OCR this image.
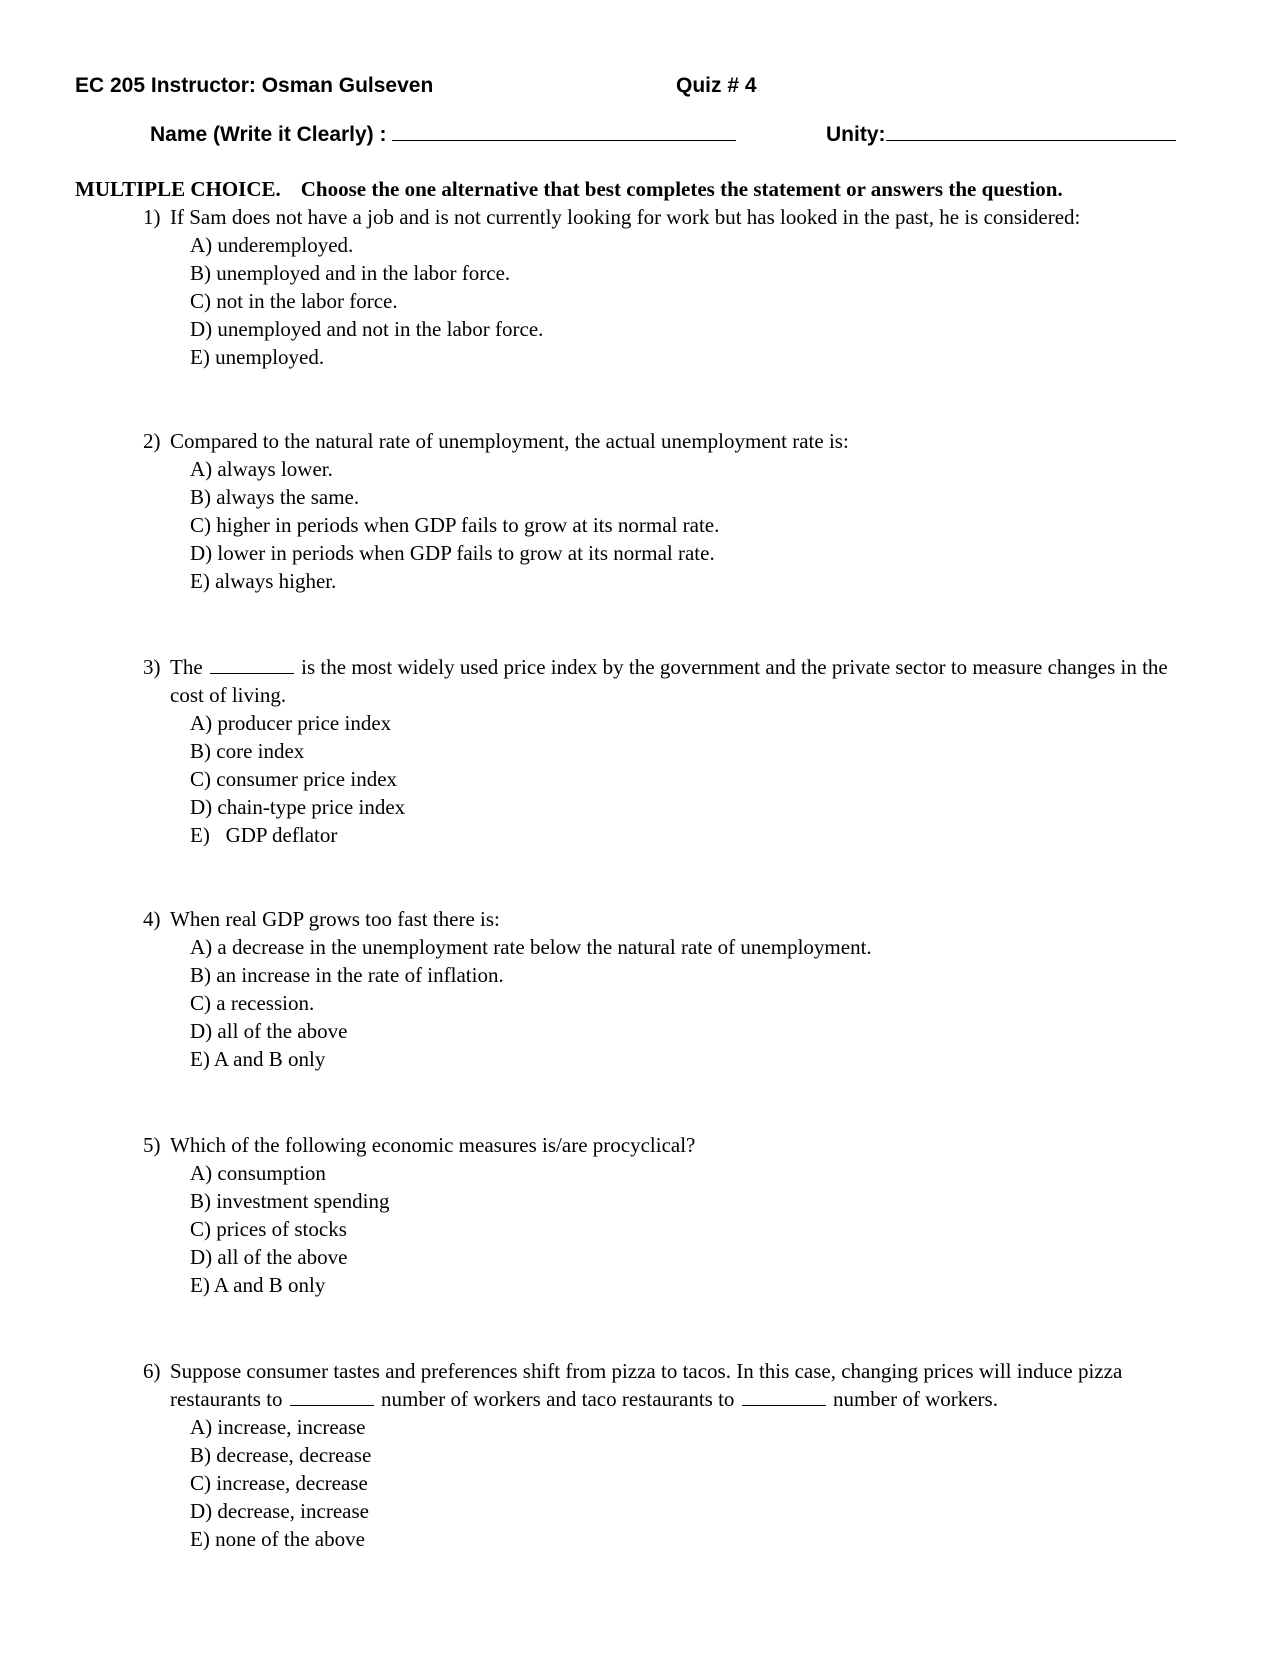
EC 205 Instructor: Osman Gulseven	Quiz # 4
Name (Write it Clearly) :	Unity:
MULTIPLE CHOICE. Choose the one alternative that best completes the statement or answers the question.
1) If Sam does not have a job and is not currently looking for work but has looked in the past, he is considered:
A) underemployed.
B) unemployed and in the labor force.
C) not in the labor force.
D) unemployed and not in the labor force.
E) unemployed.
2) Compared to the natural rate of unemployment, the actual unemployment rate is:
A) always lower.
B) always the same.
C) higher in periods when GDP fails to grow at its normal rate.
D) lower in periods when GDP fails to grow at its normal rate.
E) always higher.
3) The	is the most widely used price index by the government and the private sector to measure changes in the cost of living.
A) producer price index
B) core index
C) consumer price index
D) chain-type price index
E)   GDP deflator
4) When real GDP grows too fast there is:
A) a decrease in the unemployment rate below the natural rate of unemployment.
B) an increase in the rate of inflation.
C) a recession.
D) all of the above
E) A and B only
5) Which of the following economic measures is/are procyclical?
A) consumption
B) investment spending
C) prices of stocks
D) all of the above
E) A and B only
6) Suppose consumer tastes and preferences shift from pizza to tacos. In this case, changing prices will induce pizza restaurants to	number of workers and taco restaurants to	number of workers.
A) increase, increase
B) decrease, decrease
C) increase, decrease
D) decrease, increase
E) none of the above
